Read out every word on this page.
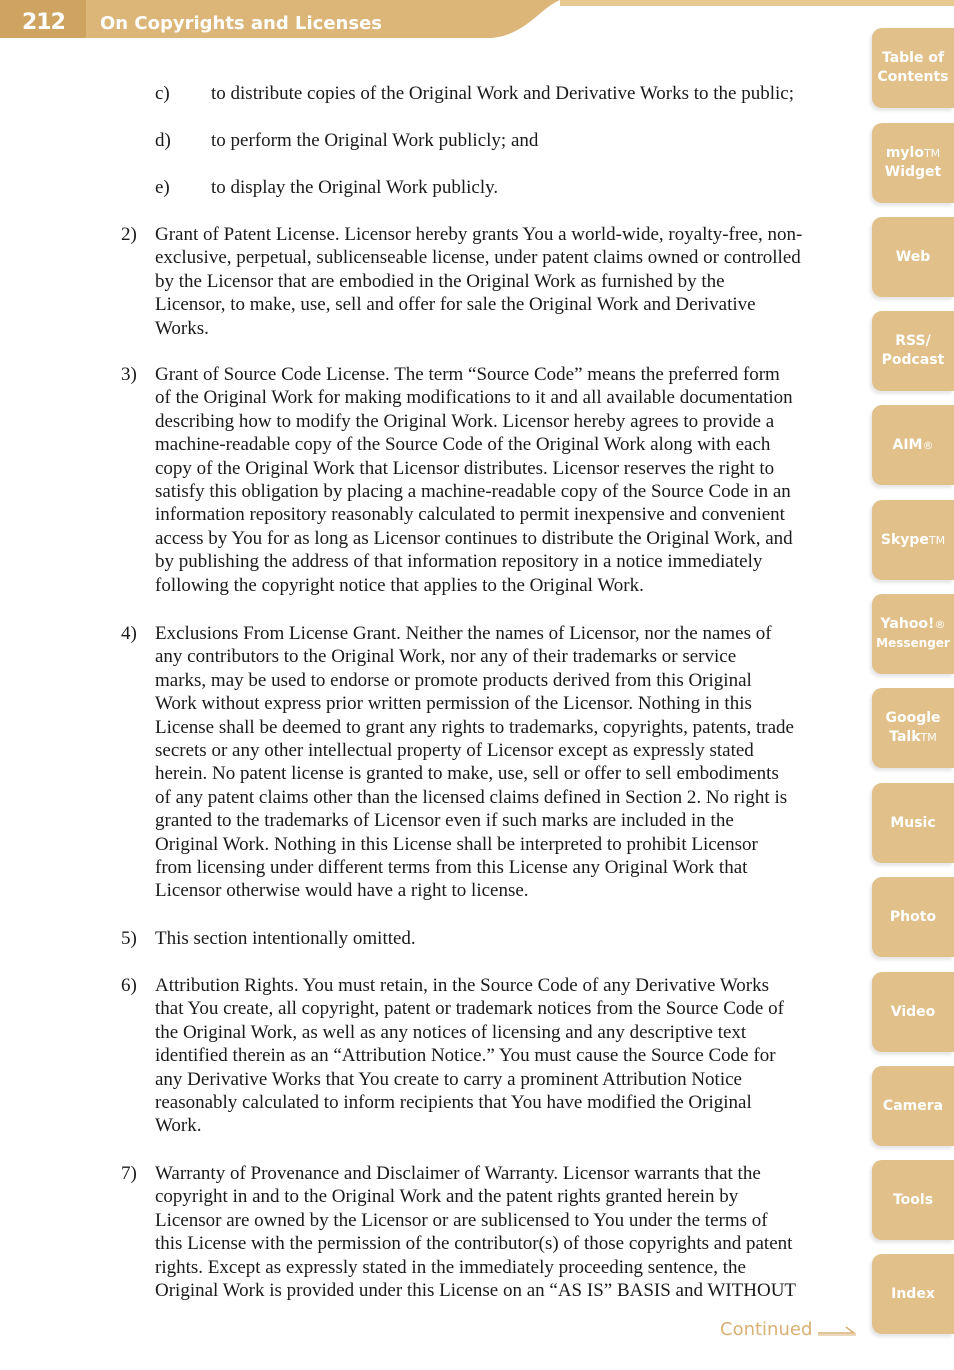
212 On Copyrights and Licenses
c) to distribute copies of the Original Work and Derivative Works to the public;
d) to perform the Original Work publicly; and
e) to display the Original Work publicly.
2) Grant of Patent License. Licensor hereby grants You a world-wide, royalty-free, non-
exclusive, perpetual, sublicenseable license, under patent claims owned or controlled
by the Licensor that are embodied in the Original Work as furnished by the
Licensor, to make, use, sell and offer for sale the Original Work and Derivative
Works.
3) Grant of Source Code License. The term “Source Code” means the preferred form
of the Original Work for making modifications to it and all available documentation
describing how to modify the Original Work. Licensor hereby agrees to provide a
machine-readable copy of the Source Code of the Original Work along with each
copy of the Original Work that Licensor distributes. Licensor reserves the right to
satisfy this obligation by placing a machine-readable copy of the Source Code in an
information repository reasonably calculated to permit inexpensive and convenient
access by You for as long as Licensor continues to distribute the Original Work, and
by publishing the address of that information repository in a notice immediately
following the copyright notice that applies to the Original Work.
4) Exclusions From License Grant. Neither the names of Licensor, nor the names of
any contributors to the Original Work, nor any of their trademarks or service
marks, may be used to endorse or promote products derived from this Original
Work without express prior written permission of the Licensor. Nothing in this
License shall be deemed to grant any rights to trademarks, copyrights, patents, trade
secrets or any other intellectual property of Licensor except as expressly stated
herein. No patent license is granted to make, use, sell or offer to sell embodiments
of any patent claims other than the licensed claims defined in Section 2. No right is
granted to the trademarks of Licensor even if such marks are included in the
Original Work. Nothing in this License shall be interpreted to prohibit Licensor
from licensing under different terms from this License any Original Work that
Licensor otherwise would have a right to license.
5) This section intentionally omitted.
6) Attribution Rights. You must retain, in the Source Code of any Derivative Works
that You create, all copyright, patent or trademark notices from the Source Code of
the Original Work, as well as any notices of licensing and any descriptive text
identified therein as an “Attribution Notice.” You must cause the Source Code for
any Derivative Works that You create to carry a prominent Attribution Notice
reasonably calculated to inform recipients that You have modified the Original
Work.
7) Warranty of Provenance and Disclaimer of Warranty. Licensor warrants that the
copyright in and to the Original Work and the patent rights granted herein by
Licensor are owned by the Licensor or are sublicensed to You under the terms of
this License with the permission of the contributor(s) of those copyrights and patent
rights. Except as expressly stated in the immediately proceeding sentence, the
Original Work is provided under this License on an “AS IS” BASIS and WITHOUT
Table of
Contents
mylo™
Widget
Web
RSS/
Podcast
AIM®
Skype™
Yahoo!®
Messenger
Google
Talk™
Music
Photo
Video
Camera
Tools
Index
Continued
